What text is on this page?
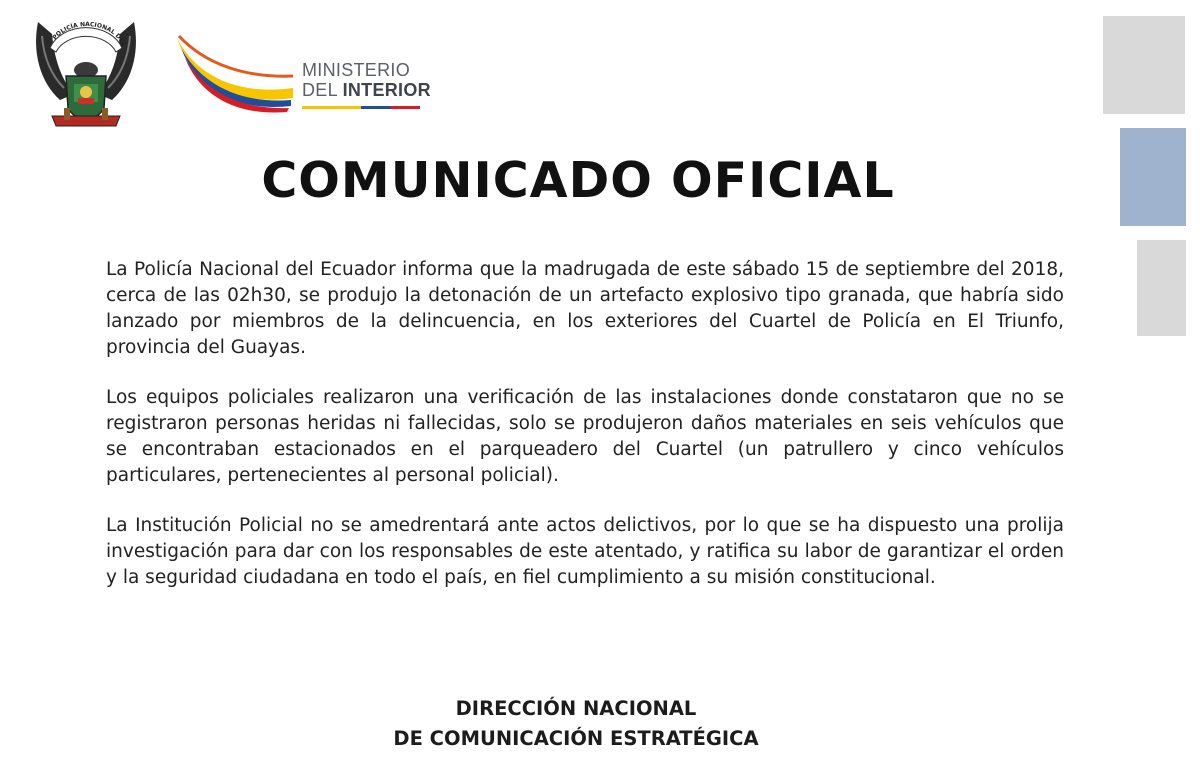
POLICÍA NACIONAL DEL
MINISTERIO
DEL INTERIOR
COMUNICADO OFICIAL

La Policía Nacional del Ecuador informa que la madrugada de este sábado 15 de septiembre del 2018, cerca de las 02h30, se produjo la detonación de un artefacto explosivo tipo granada, que habría sido lanzado por miembros de la delincuencia, en los exteriores del Cuartel de Policía en El Triunfo, provincia del Guayas.

Los equipos policiales realizaron una verificación de las instalaciones donde constataron que no se registraron personas heridas ni fallecidas, solo se produjeron daños materiales en seis vehículos que se encontraban estacionados en el parqueadero del Cuartel (un patrullero y cinco vehículos particulares, pertenecientes al personal policial).

La Institución Policial no se amedrentará ante actos delictivos, por lo que se ha dispuesto una prolija investigación para dar con los responsables de este atentado, y ratifica su labor de garantizar el orden y la seguridad ciudadana en todo el país, en fiel cumplimiento a su misión constitucional.

DIRECCIÓN NACIONAL
DE COMUNICACIÓN ESTRATÉGICA
